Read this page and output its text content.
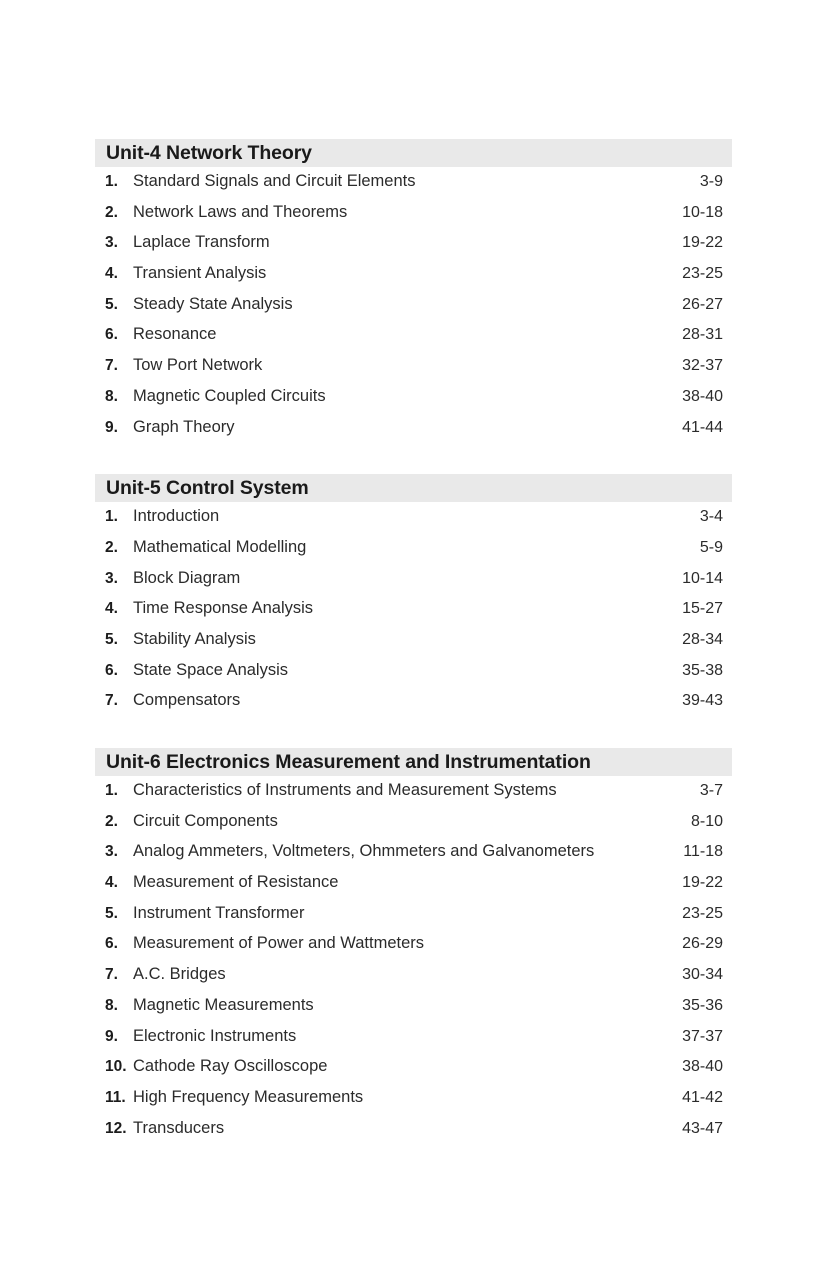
Unit-4 Network Theory
1. Standard Signals and Circuit Elements	3-9
2. Network Laws and Theorems	10-18
3. Laplace Transform	19-22
4. Transient Analysis	23-25
5. Steady State Analysis	26-27
6. Resonance	28-31
7. Tow Port Network	32-37
8. Magnetic Coupled Circuits	38-40
9. Graph Theory	41-44
Unit-5 Control System
1. Introduction	3-4
2. Mathematical Modelling	5-9
3. Block Diagram	10-14
4. Time Response Analysis	15-27
5. Stability Analysis	28-34
6. State Space Analysis	35-38
7. Compensators	39-43
Unit-6 Electronics Measurement and Instrumentation
1. Characteristics of Instruments and Measurement Systems	3-7
2. Circuit Components	8-10
3. Analog Ammeters, Voltmeters, Ohmmeters and Galvanometers	11-18
4. Measurement of Resistance	19-22
5. Instrument Transformer	23-25
6. Measurement of Power and Wattmeters	26-29
7. A.C. Bridges	30-34
8. Magnetic Measurements	35-36
9. Electronic Instruments	37-37
10. Cathode Ray Oscilloscope	38-40
11. High Frequency Measurements	41-42
12. Transducers	43-47
